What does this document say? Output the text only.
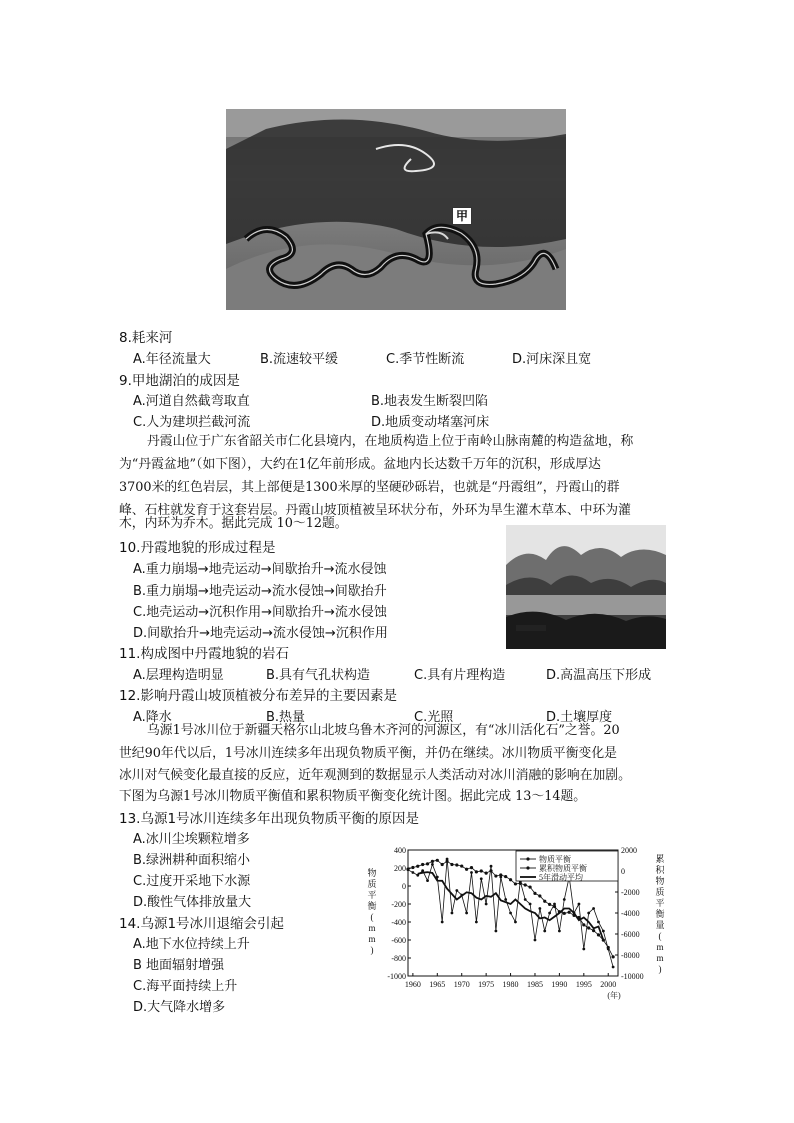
甲
8.耗来河
A.年径流量大	B.流速较平缓	C.季节性断流	D.河床深且宽
9.甲地湖泊的成因是
A.河道自然截弯取直	B.地表发生断裂凹陷
C.人为建坝拦截河流	D.地质变动堵塞河床
丹霞山位于广东省韶关市仁化县境内，在地质构造上位于南岭山脉南麓的构造盆地，称
为“丹霞盆地”（如下图），大约在1亿年前形成。盆地内长达数千万年的沉积，形成厚达
3700米的红色岩层，其上部便是1300米厚的坚硬砂砾岩，也就是“丹霞组”，丹霞山的群
峰、石柱就发育于这套岩层。丹霞山坡顶植被呈环状分布，外环为旱生灌木草本、中环为灌
木，内环为乔木。据此完成 10～12题。
10.丹霞地貌的形成过程是
A.重力崩塌→地壳运动→间歇抬升→流水侵蚀
B.重力崩塌→地壳运动→流水侵蚀→间歇抬升
C.地壳运动→沉积作用→间歇抬升→流水侵蚀
D.间歇抬升→地壳运动→流水侵蚀→沉积作用
11.构成图中丹霞地貌的岩石
A.层理构造明显	B.具有气孔状构造	C.具有片理构造	D.高温高压下形成
12.影响丹霞山坡顶植被分布差异的主要因素是
A.降水	B.热量	C.光照	D.土壤厚度
乌源1号冰川位于新疆天格尔山北坡乌鲁木齐河的河源区，有“冰川活化石”之誉。20
世纪90年代以后，1号冰川连续多年出现负物质平衡，并仍在继续。冰川物质平衡变化是
冰川对气候变化最直接的反应，近年观测到的数据显示人类活动对冰川消融的影响在加剧。
下图为乌源1号冰川物质平衡值和累积物质平衡变化统计图。据此完成 13～14题。
13.乌源1号冰川连续多年出现负物质平衡的原因是
A.冰川尘埃颗粒增多
B.绿洲耕种面积缩小
C.过度开采地下水源
D.酸性气体排放量大
14.乌源1号冰川退缩会引起
A.地下水位持续上升
B 地面辐射增强
C.海平面持续上升
D.大气降水增多
400
200
0
-200
-400
-600
-800
-1000
2000
0
-2000
-4000
-6000
-8000
-10000
1960 1965 1970 1975 1980 1985 1990 1995 2000
(年)
物
质
平
衡
(
m
m
)
累
积
物
质
平
衡
量
(
m
m
)
物质平衡
累积物质平衡
5年滑动平均
